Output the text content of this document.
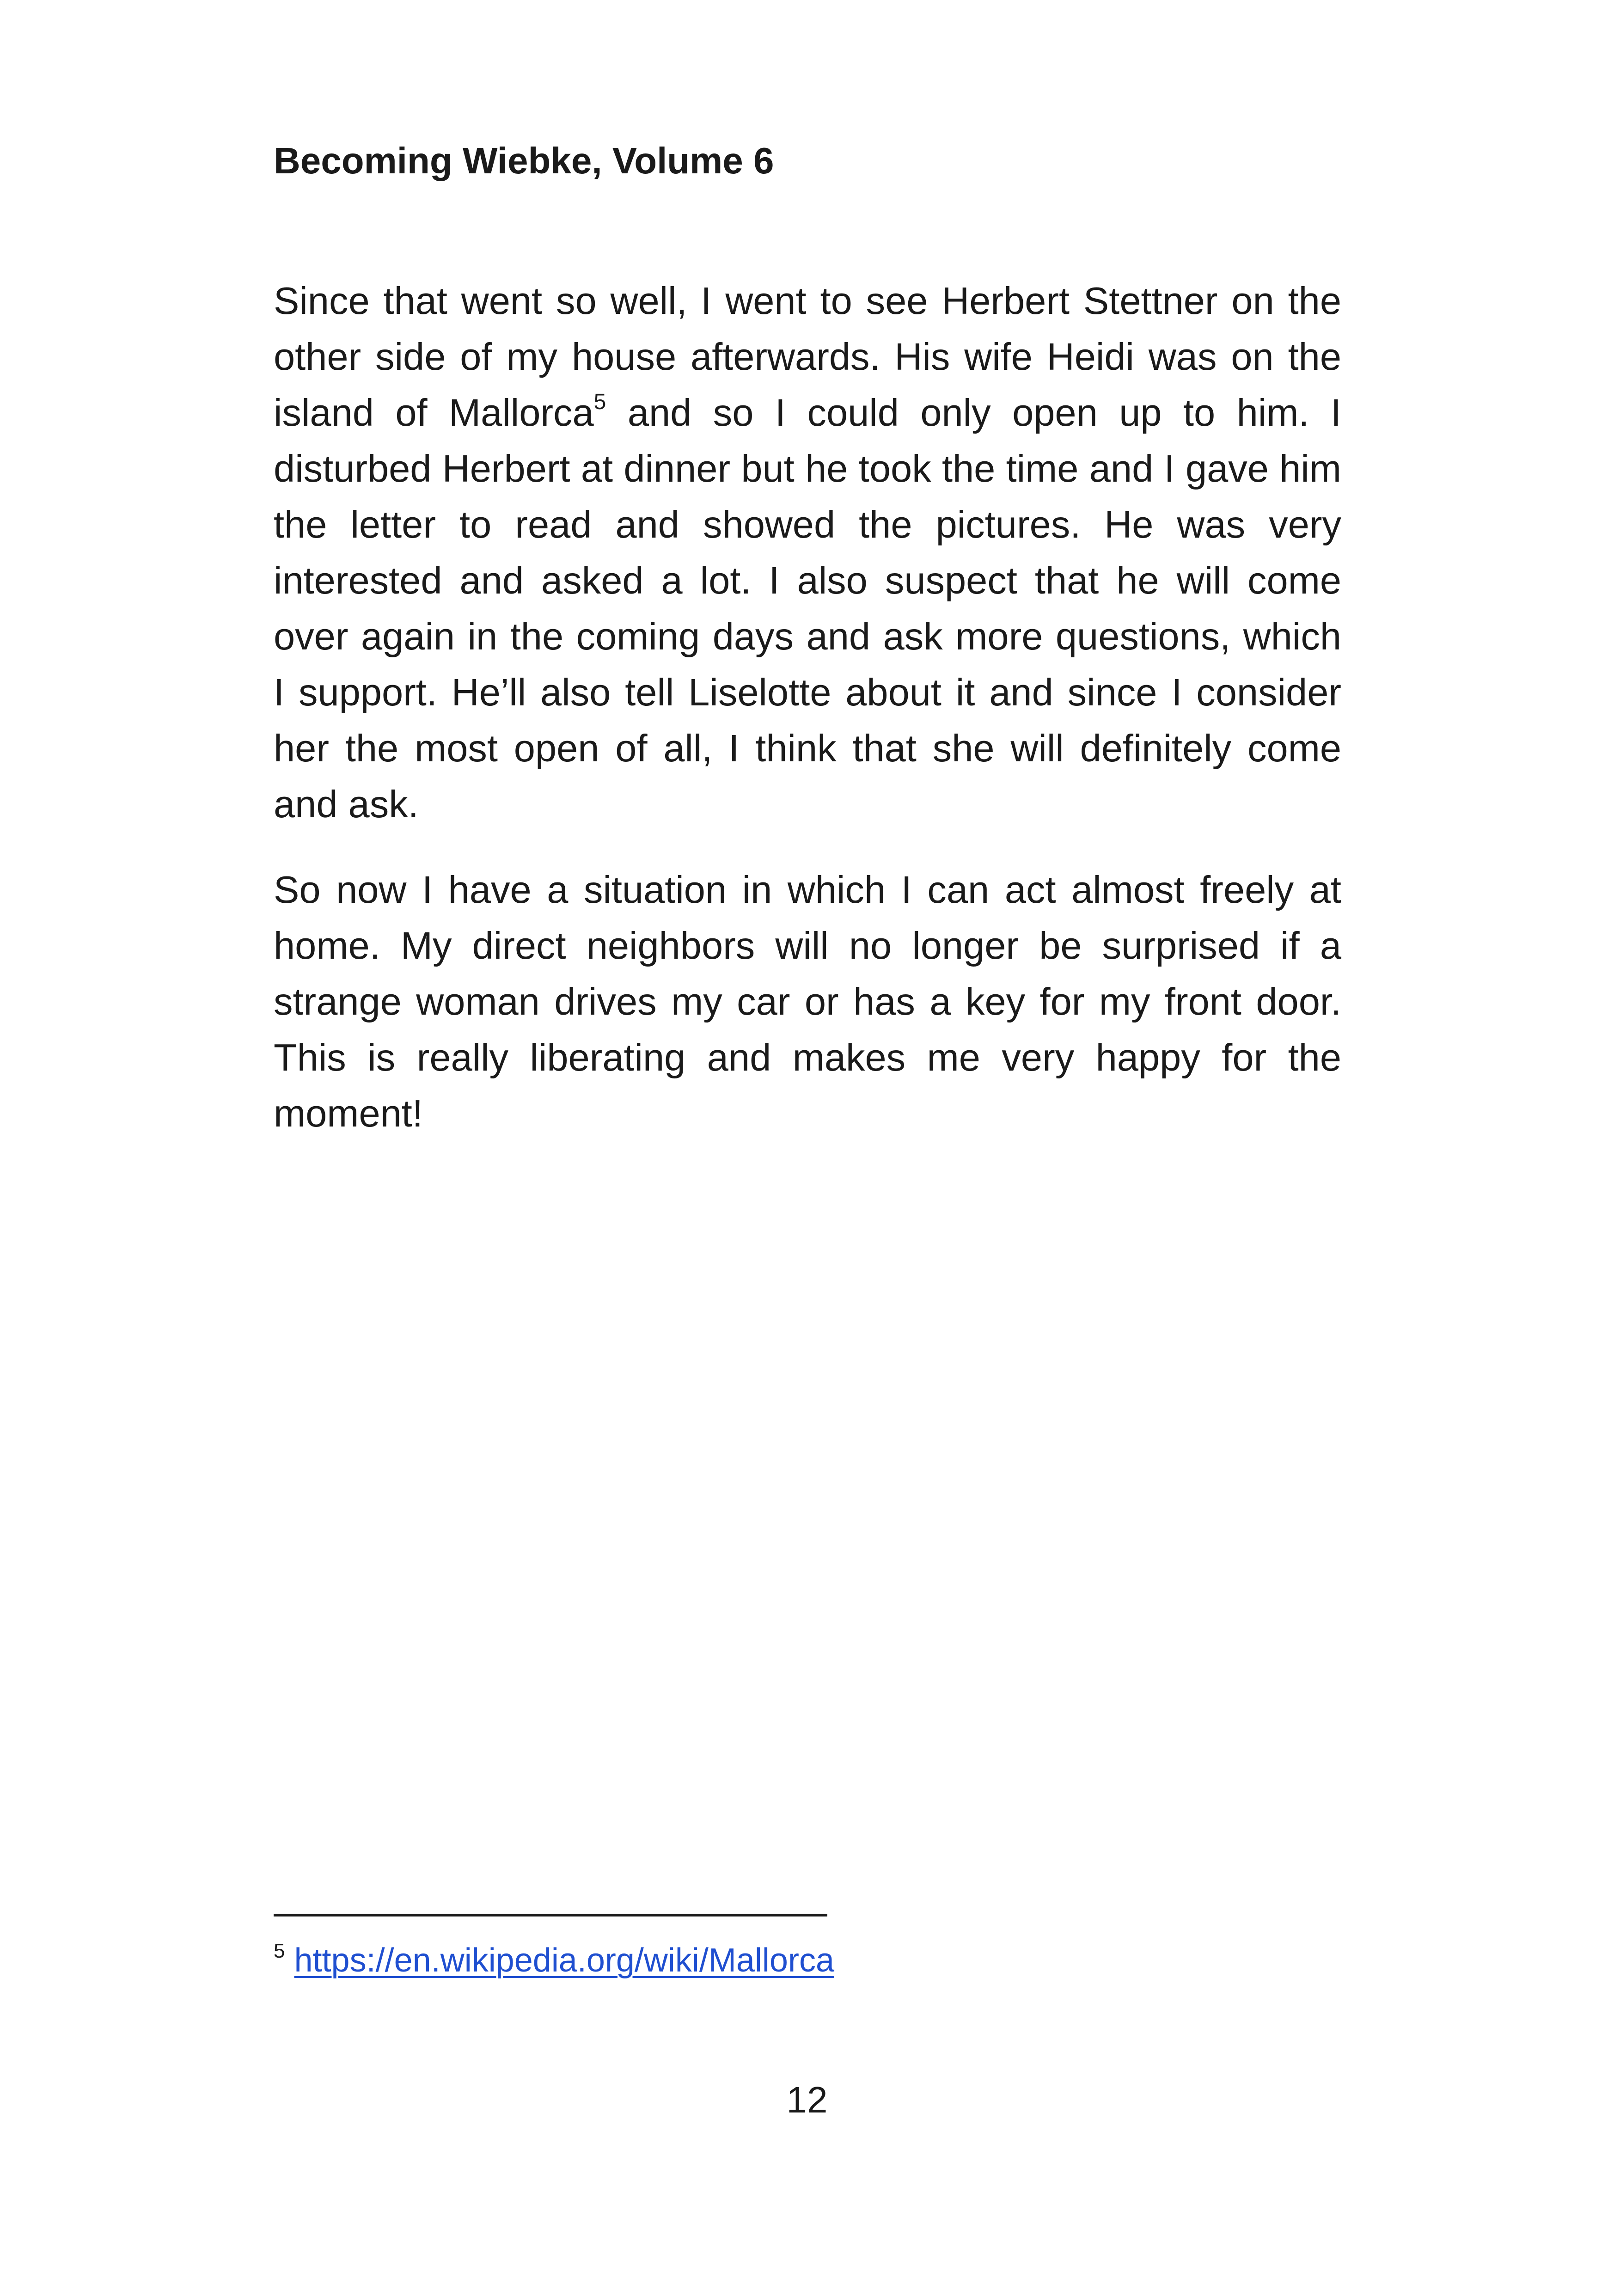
Becoming Wiebke, Volume 6

Since that went so well, I went to see Herbert Stettner on the other side of my house afterwards. His wife Heidi was on the island of Mallorca$^5$ and so I could only open up to him. I disturbed Herbert at dinner but he took the time and I gave him the letter to read and showed the pictures. He was very interested and asked a lot. I also suspect that he will come over again in the coming days and ask more questions, which I support. He’ll also tell Liselotte about it and since I consider her the most open of all, I think that she will definitely come and ask.

So now I have a situation in which I can act almost freely at home. My direct neighbors will no longer be surprised if a strange woman drives my car or has a key for my front door. This is really liberating and makes me very happy for the moment!

$^5$ https://en.wikipedia.org/wiki/Mallorca
12
